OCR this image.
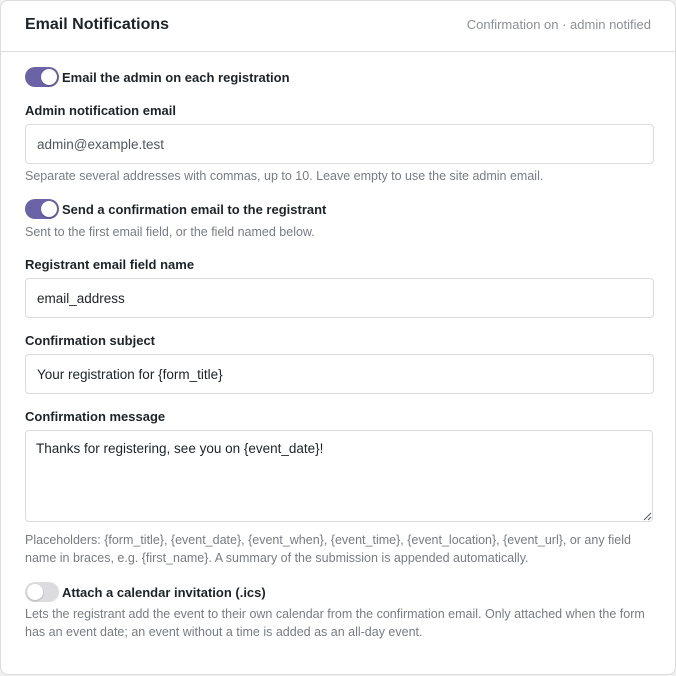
Email Notifications	Confirmation on · admin notified
Email the admin on each registration
Admin notification email
admin@example.test
Separate several addresses with commas, up to 10. Leave empty to use the site admin email.
Send a confirmation email to the registrant
Sent to the first email field, or the field named below.
Registrant email field name
email_address
Confirmation subject
Your registration for {form_title}
Confirmation message
Thanks for registering, see you on {event_date}!
Placeholders: {form_title}, {event_date}, {event_when}, {event_time}, {event_location}, {event_url}, or any field name in braces, e.g. {first_name}. A summary of the submission is appended automatically.
Attach a calendar invitation (.ics)
Lets the registrant add the event to their own calendar from the confirmation email. Only attached when the form has an event date; an event without a time is added as an all-day event.
